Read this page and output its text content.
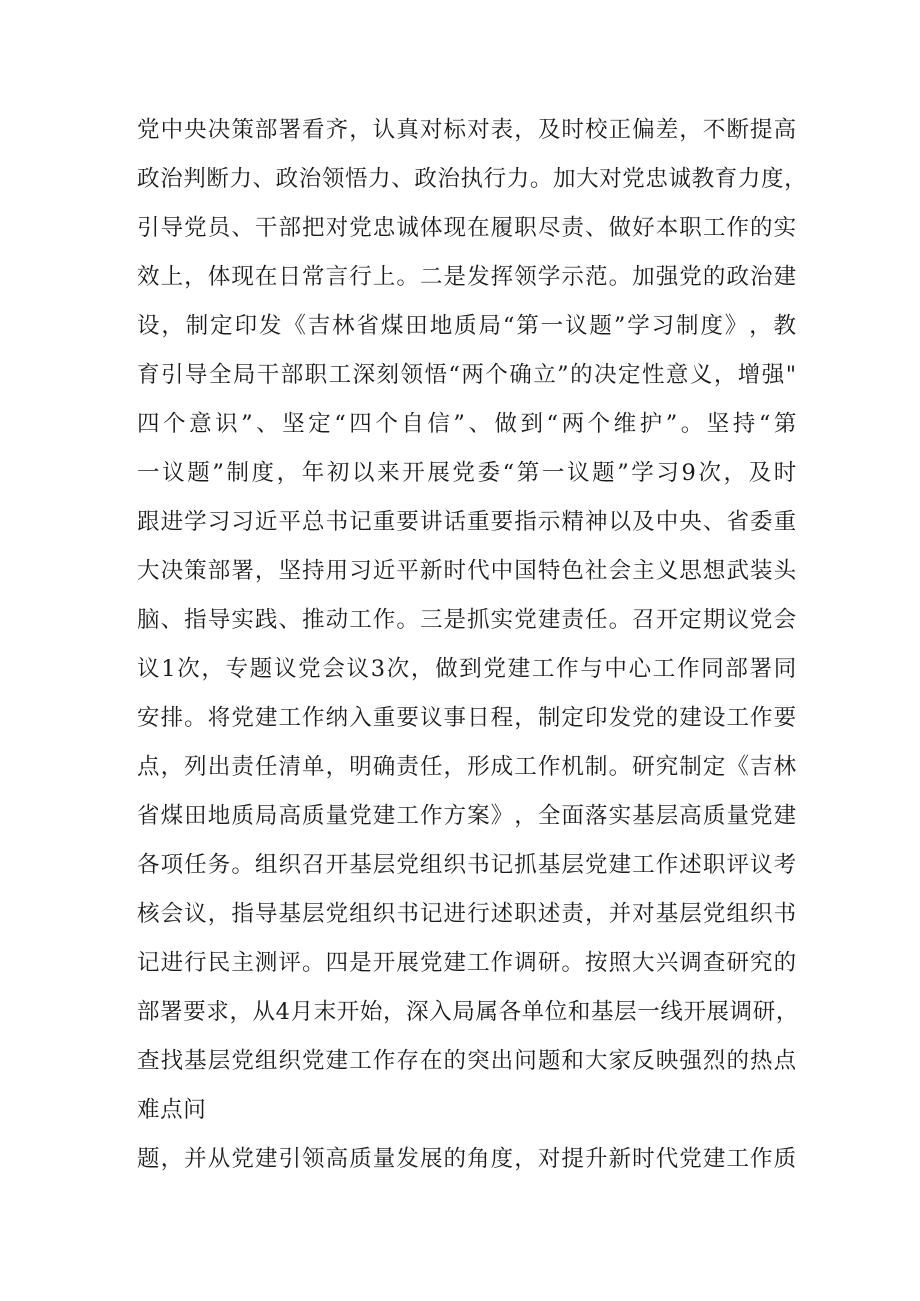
党 中 央 决 策 部 署 看 齐 ， 认 真 对 标 对 表 ， 及 时 校 正 偏 差 ， 不 断 提 高
政 治 判 断 力 、 政 治 领 悟 力 、 政 治 执 行 力 。 加 大 对 党 忠 诚 教 育 力 度 ，
引 导 党 员 、 干 部 把 对 党 忠 诚 体 现 在 履 职 尽 责 、 做 好 本 职 工 作 的 实
效 上 ， 体 现 在 日 常 言 行 上 。 二 是 发 挥 领 学 示 范 。 加 强 党 的 政 治 建
设 ， 制 定 印 发 《 吉 林 省 煤 田 地 质 局 “ 第 一 议 题 ” 学 习 制 度 》 ， 教
育 引 导 全 局 干 部 职 工 深 刻 领 悟 “ 两 个 确 立 ” 的 决 定 性 意 义 ， 增 强 "
四 个 意 识 ” 、 坚 定 “ 四 个 自 信 ” 、 做 到 “ 两 个 维 护 ” 。 坚 持 “ 第
一 议 题 ” 制 度 ， 年 初 以 来 开 展 党 委 “ 第 一 议 题 ” 学 习 9 次 ， 及 时
跟 进 学 习 习 近 平 总 书 记 重 要 讲 话 重 要 指 示 精 神 以 及 中 央 、 省 委 重
大 决 策 部 署 ， 坚 持 用 习 近 平 新 时 代 中 国 特 色 社 会 主 义 思 想 武 装 头
脑 、 指 导 实 践 、 推 动 工 作 。 三 是 抓 实 党 建 责 任 。 召 开 定 期 议 党 会
议 1 次 ， 专 题 议 党 会 议 3 次 ， 做 到 党 建 工 作 与 中 心 工 作 同 部 署 同
安 排 。 将 党 建 工 作 纳 入 重 要 议 事 日 程 ， 制 定 印 发 党 的 建 设 工 作 要
点 ， 列 出 责 任 清 单 ， 明 确 责 任 ， 形 成 工 作 机 制 。 研 究 制 定 《 吉 林
省 煤 田 地 质 局 高 质 量 党 建 工 作 方 案 》 ， 全 面 落 实 基 层 高 质 量 党 建
各 项 任 务 。 组 织 召 开 基 层 党 组 织 书 记 抓 基 层 党 建 工 作 述 职 评 议 考
核 会 议 ， 指 导 基 层 党 组 织 书 记 进 行 述 职 述 责 ， 并 对 基 层 党 组 织 书
记 进 行 民 主 测 评 。 四 是 开 展 党 建 工 作 调 研 。 按 照 大 兴 调 查 研 究 的
部 署 要 求 ， 从 4 月 末 开 始 ， 深 入 局 属 各 单 位 和 基 层 一 线 开 展 调 研 ，
查 找 基 层 党 组 织 党 建 工 作 存 在 的 突 出 问 题 和 大 家 反 映 强 烈 的 热 点
难点问
题 ， 并 从 党 建 引 领 高 质 量 发 展 的 角 度 ， 对 提 升 新 时 代 党 建 工 作 质
